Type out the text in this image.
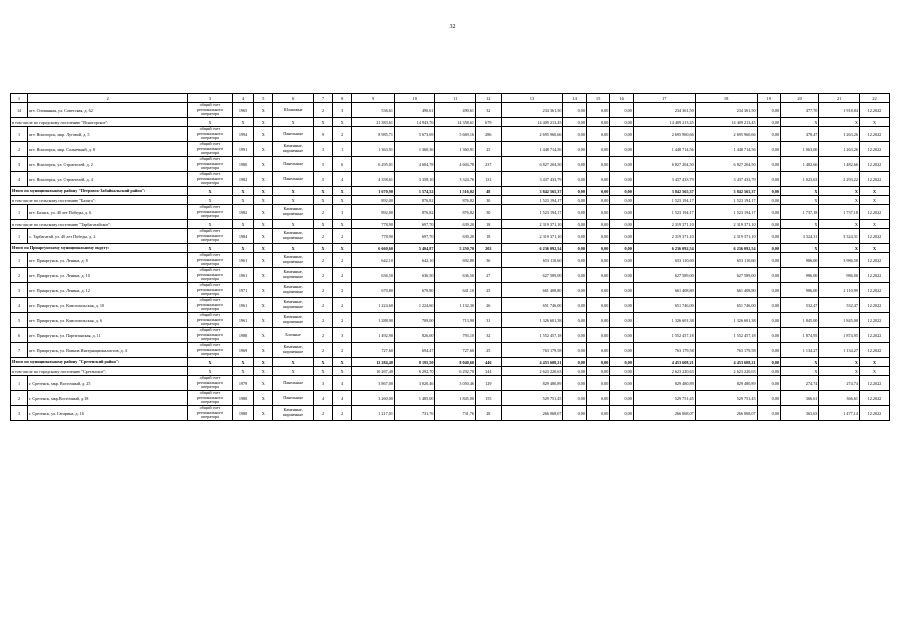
32
1	2	3	4	5	6	7	8	9	10	11	12	13	14	15	16	17	18	19	20	21	22
14	пгт. Оловянная, ул. Советская, д. 62	общий счет регионального оператора	1965	Х	Шлаковые	2	3	536,61	490,61	490,61	32	234 361,50	0,00	0,00	0,00	234 361,50	234 361,50	0,00	477,70	1 918,84	12.2022
в том числе по городскому поселению "Ясногорское":		Х	Х	Х	Х	Х	Х	21 383,61	14 943,76	14 358,61	679	14 409 213,45	0,00	0,00	0,00	14 409 213,45	14 409 213,45	0,00	Х	Х	Х
1	пгт. Ясногорск, мкр. Луговой, д. 5	общий счет регионального оператора	1994	Х	Панельные	9	2	8 985,71	5 673,69	5 669,16	286	2 695 960,66	0,00	0,00	0,00	2 695 960,66	2 695 960,66	0,00	478,47	1 263,26	12.2022
2	пгт. Ясногорск, мкр. Солнечный, д. 8	общий счет регионального оператора	1991	Х	Каменные, кирпичные	3	1	1 363,91	1 360,36	1 360,91	25	1 448 714,56	0,00	0,00	0,00	1 448 714,56	1 448 714,56	0,00	1 063,00	1 263,26	12.2022
3	пгт. Ясногорск, ул. Строителей, д. 2	общий счет регионального оператора	1980	Х	Панельные	5	6	6 295,01	4 604,78	4 604,78	237	6 827 204,50	0,00	0,00	0,00	6 827 204,50	6 827 204,50	0,00	1 482,66	1 482,66	12.2022
4	пгт. Ясногорск, ул. Строителей, д. 4	общий счет регионального оператора	1982	Х	Панельные	5	4	4 358,61	3 358,10	3 324,76	131	3 437 433,79	0,00	0,00	0,00	3 437 433,79	3 437 433,79	0,00	1 023,63	2 293,22	12.2022
Итого по муниципальному району "Петровск-Забайкальский район":		Х	Х	Х	Х	Х	Х	1 670,90	1 574,52	1 516,02	48	3 842 565,37	0,00	0,00	0,00	3 842 565,37	3 842 565,37	0,00	Х	Х	Х
в том числе по сельскому поселению "Баляга":		Х	Х	Х	Х	Х	Х	892,00	876,82	876,82	30	1 523 194,17	0,00	0,00	0,00	1 523 194,17	1 523 194,17	0,00	Х	Х	Х
1	пгт. Баляга, ул. 40 лет Победы, д. 6	общий счет регионального оператора	1982	Х	Каменные, кирпичные	2	3	892,00	876,82	876,82	30	1 523 194,17	0,00	0,00	0,00	1 523 194,17	1 523 194,17	0,00	1 737,18	1 737,18	12.2022
в том числе по сельскому поселению "Тарбагатайское":		Х	Х	Х	Х	Х	Х	778,90	697,70	639,20	18	2 319 371,10	0,00	0,00	0,00	2 319 371,10	2 319 371,10	0,00	Х	Х	Х
1	с. Тарбагатай, ул. 40 лет Победы, д. 2	общий счет регионального оператора	1984	Х	Каменные, кирпичные	2	2	778,90	697,70	639,20	18	2 319 371,10	0,00	0,00	0,00	2 319 371,10	2 319 371,10	0,00	3 324,31	3 324,31	12.2022
Итого по Приаргунскому муниципальному округу:		Х	Х	Х	Х	Х	Х	6 660,60	5 404,87	5 250,70	202	6 236 092,54	0,00	0,00	0,00	6 236 092,54	6 236 092,54	0,00	Х	Х	Х
1	пгт. Приаргунск, ул. Ленина, д. 8	общий счет регионального оператора	1961	Х	Каменные, кирпичные	2	2	642,10	642,10	692,80	36	653 110,60	0,00	0,00	0,00	653 110,60	653 110,60	0,00	986,00	3 986,50	12.2022
2	пгт. Приаргунск, ул. Ленина, д. 10	общий счет регионального оператора	1961	Х	Каменные, кирпичные	2	2	636,50	636,50	636,50	27	627 589,00	0,00	0,00	0,00	627 589,00	627 589,00	0,00	986,00	986,00	12.2022
3	пгт. Приаргунск, ул. Ленина, д. 12	общий счет регионального оператора	1971	Х	Каменные, кирпичные	2	2	670,80	670,80	641,10	25	661 408,80	0,00	0,00	0,00	661 408,80	661 408,80	0,00	986,00	2 110,99	12.2022
4	пгт. Приаргунск, ул. Комсомольская, д. 10	общий счет регионального оператора	1961	Х	Каменные, кирпичные	2	2	1 224,60	1 224,60	1 132,30	26	651 746,00	0,00	0,00	0,00	651 746,00	651 746,00	0,00	532,47	532,47	12.2022
5	пгт. Приаргунск, ул. Комсомольская, д. 6	общий счет регионального оператора	1961	Х	Каменные, кирпичные	2	2	1 288,90	709,00	713,90	31	1 326 601,38	0,00	0,00	0,00	1 326 601,38	1 326 601,38	0,00	1 845,00	1 845,00	12.2022
6	пгт. Приаргунск, ул. Партизанская, д. 11	общий счет регионального оператора	1988	Х	Блочные	2	3	1 492,90	826,00	793,10	32	1 552 457,18	0,00	0,00	0,00	1 552 457,18	1 552 457,18	0,00	1 874,95	1 874,95	12.2022
7	пгт. Приаргунск, ул. Воинов Интернационалистов, д. 4	общий счет регионального оператора	1969	Х	Каменные, кирпичные	2	2	727,60	694,47	727,60	25	763 179,58	0,00	0,00	0,00	763 179,58	763 179,58	0,00	1 134,27	1 134,27	12.2022
Итого по муниципальному району "Сретенский район":		Х	Х	Х	Х	Х	Х	12 284,40	8 195,50	8 040,60	446	4 453 608,21	0,00	0,00	0,00	4 453 608,21	4 453 608,21	0,00	Х	Х	Х
в том числе по городскому поселению "Сретенское":		Х	Х	Х	Х	Х	Х	10 267,40	6 292,70	6 292,70	344	2 623 220,63	0,00	0,00	0,00	2 623 220,63	2 623 220,63	0,00	Х	Х	Х
1	г. Сретенск, мкр. Восточный, д. 25	общий счет регионального оператора	1979	Х	Панельные	3	4	3 867,00	3 020,46	3 050,46	129	829 480,89	0,00	0,00	0,00	829 480,89	829 480,89	0,00	274,74	274,74	12.2022
2	г. Сретенск, мкр.Восточный, д.18	общий счет регионального оператора	1980	Х	Панельные	4	4	3 260,00	1 485,00	1 845,00	155	529 751,45	0,00	0,00	0,00	529 751,45	529 751,45	0,00	366,61	366,61	12.2022
3	г. Сретенск, ул. Гагарина, д. 16	общий счет регионального оператора	1980	Х	Каменные, кирпичные	2	2	1 217,01	731,76	731,76	28	266 068,07	0,00	0,00	0,00	266 068,07	266 068,07	0,00	363,63	1 477,14	12.2022
